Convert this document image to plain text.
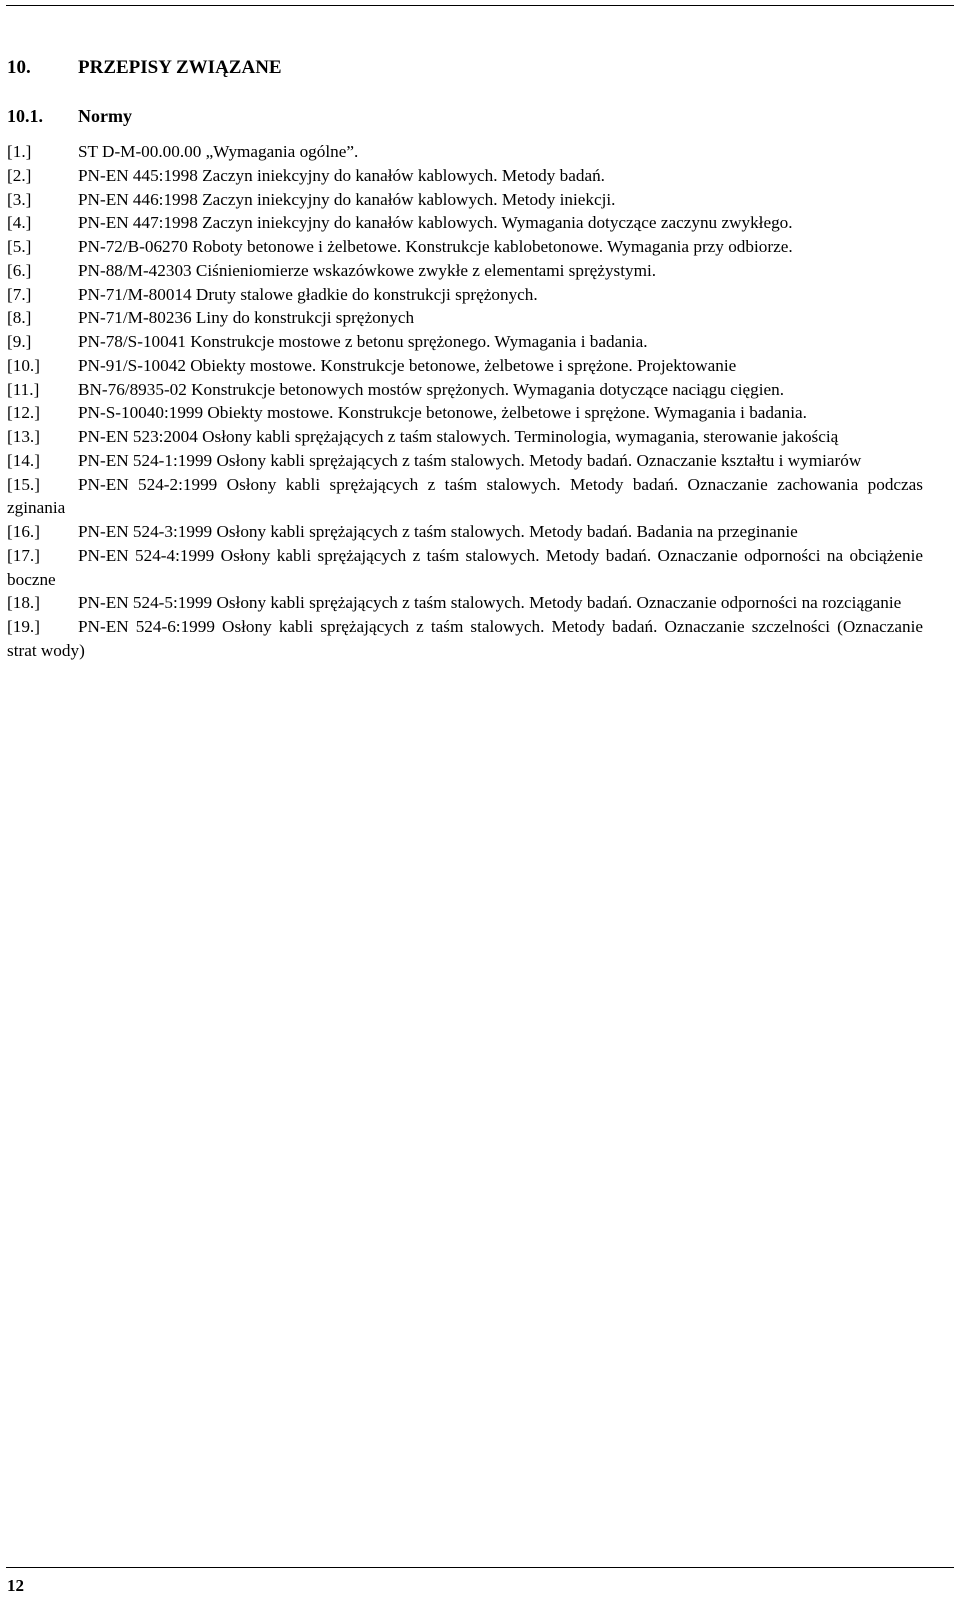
10. PRZEPISY ZWIĄZANE
10.1. Normy
[1.]	ST D-M-00.00.00 „Wymagania ogólne”.
[2.]	PN-EN 445:1998 Zaczyn iniekcyjny do kanałów kablowych. Metody badań.
[3.]	PN-EN 446:1998 Zaczyn iniekcyjny do kanałów kablowych. Metody iniekcji.
[4.]	PN-EN 447:1998 Zaczyn iniekcyjny do kanałów kablowych. Wymagania dotyczące zaczynu zwykłego.
[5.]	PN-72/B-06270 Roboty betonowe i żelbetowe. Konstrukcje kablobetonowe. Wymagania przy odbiorze.
[6.]	PN-88/M-42303 Ciśnieniomierze wskazówkowe zwykłe z elementami sprężystymi.
[7.]	PN-71/M-80014 Druty stalowe gładkie do konstrukcji sprężonych.
[8.]	PN-71/M-80236 Liny do konstrukcji sprężonych
[9.]	PN-78/S-10041 Konstrukcje mostowe z betonu sprężonego. Wymagania i badania.
[10.] PN-91/S-10042 Obiekty mostowe. Konstrukcje betonowe, żelbetowe i sprężone. Projektowanie
[11.] BN-76/8935-02 Konstrukcje betonowych mostów sprężonych. Wymagania dotyczące naciągu cięgien.
[12.] PN-S-10040:1999 Obiekty mostowe. Konstrukcje betonowe, żelbetowe i sprężone. Wymagania i badania.
[13.] PN-EN 523:2004 Osłony kabli sprężających z taśm stalowych. Terminologia, wymagania, sterowanie jakością
[14.] PN-EN 524-1:1999 Osłony kabli sprężających z taśm stalowych. Metody badań. Oznaczanie kształtu i wymiarów
[15.] PN-EN 524-2:1999 Osłony kabli sprężających z taśm stalowych. Metody badań. Oznaczanie zachowania podczas zginania
[16.] PN-EN 524-3:1999 Osłony kabli sprężających z taśm stalowych. Metody badań. Badania na przeginanie
[17.] PN-EN 524-4:1999 Osłony kabli sprężających z taśm stalowych. Metody badań. Oznaczanie odporności na obciążenie boczne
[18.] PN-EN 524-5:1999 Osłony kabli sprężających z taśm stalowych. Metody badań. Oznaczanie odporności na rozciąganie
[19.] PN-EN 524-6:1999 Osłony kabli sprężających z taśm stalowych. Metody badań. Oznaczanie szczelności (Oznaczanie strat wody)
12
